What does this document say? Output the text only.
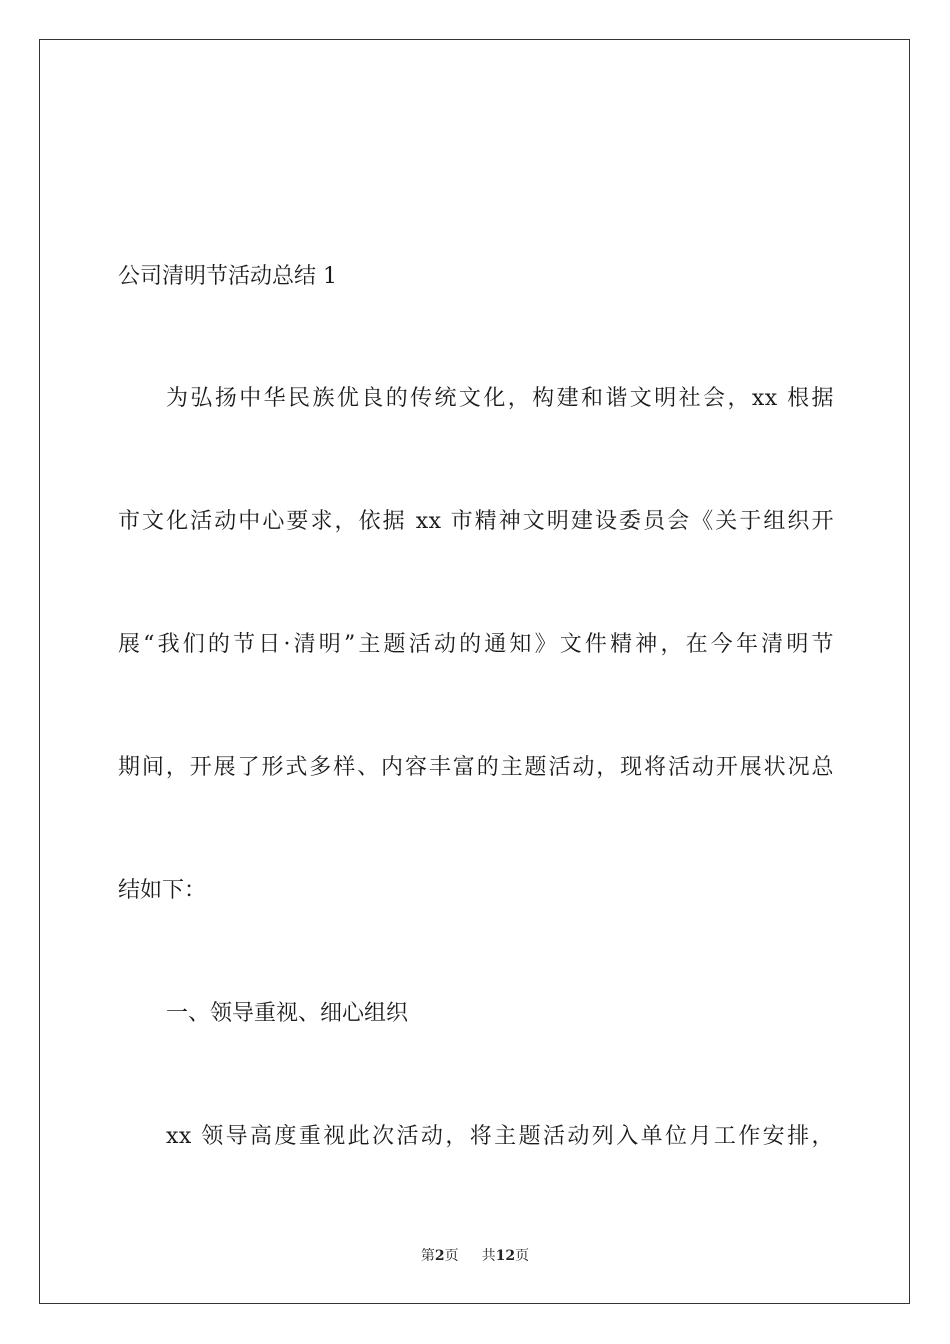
公司清明节活动总结 1

为弘扬中华民族优良的传统文化，构建和谐文明社会，xx 根据

市文化活动中心要求，依据 xx 市精神文明建设委员会《关于组织开

展“我们的节日·清明”主题活动的通知》文件精神，在今年清明节

期间，开展了形式多样、内容丰富的主题活动，现将活动开展状况总

结如下：

一、领导重视、细心组织

xx 领导高度重视此次活动，将主题活动列入单位月工作安排，

第2页 共12页
